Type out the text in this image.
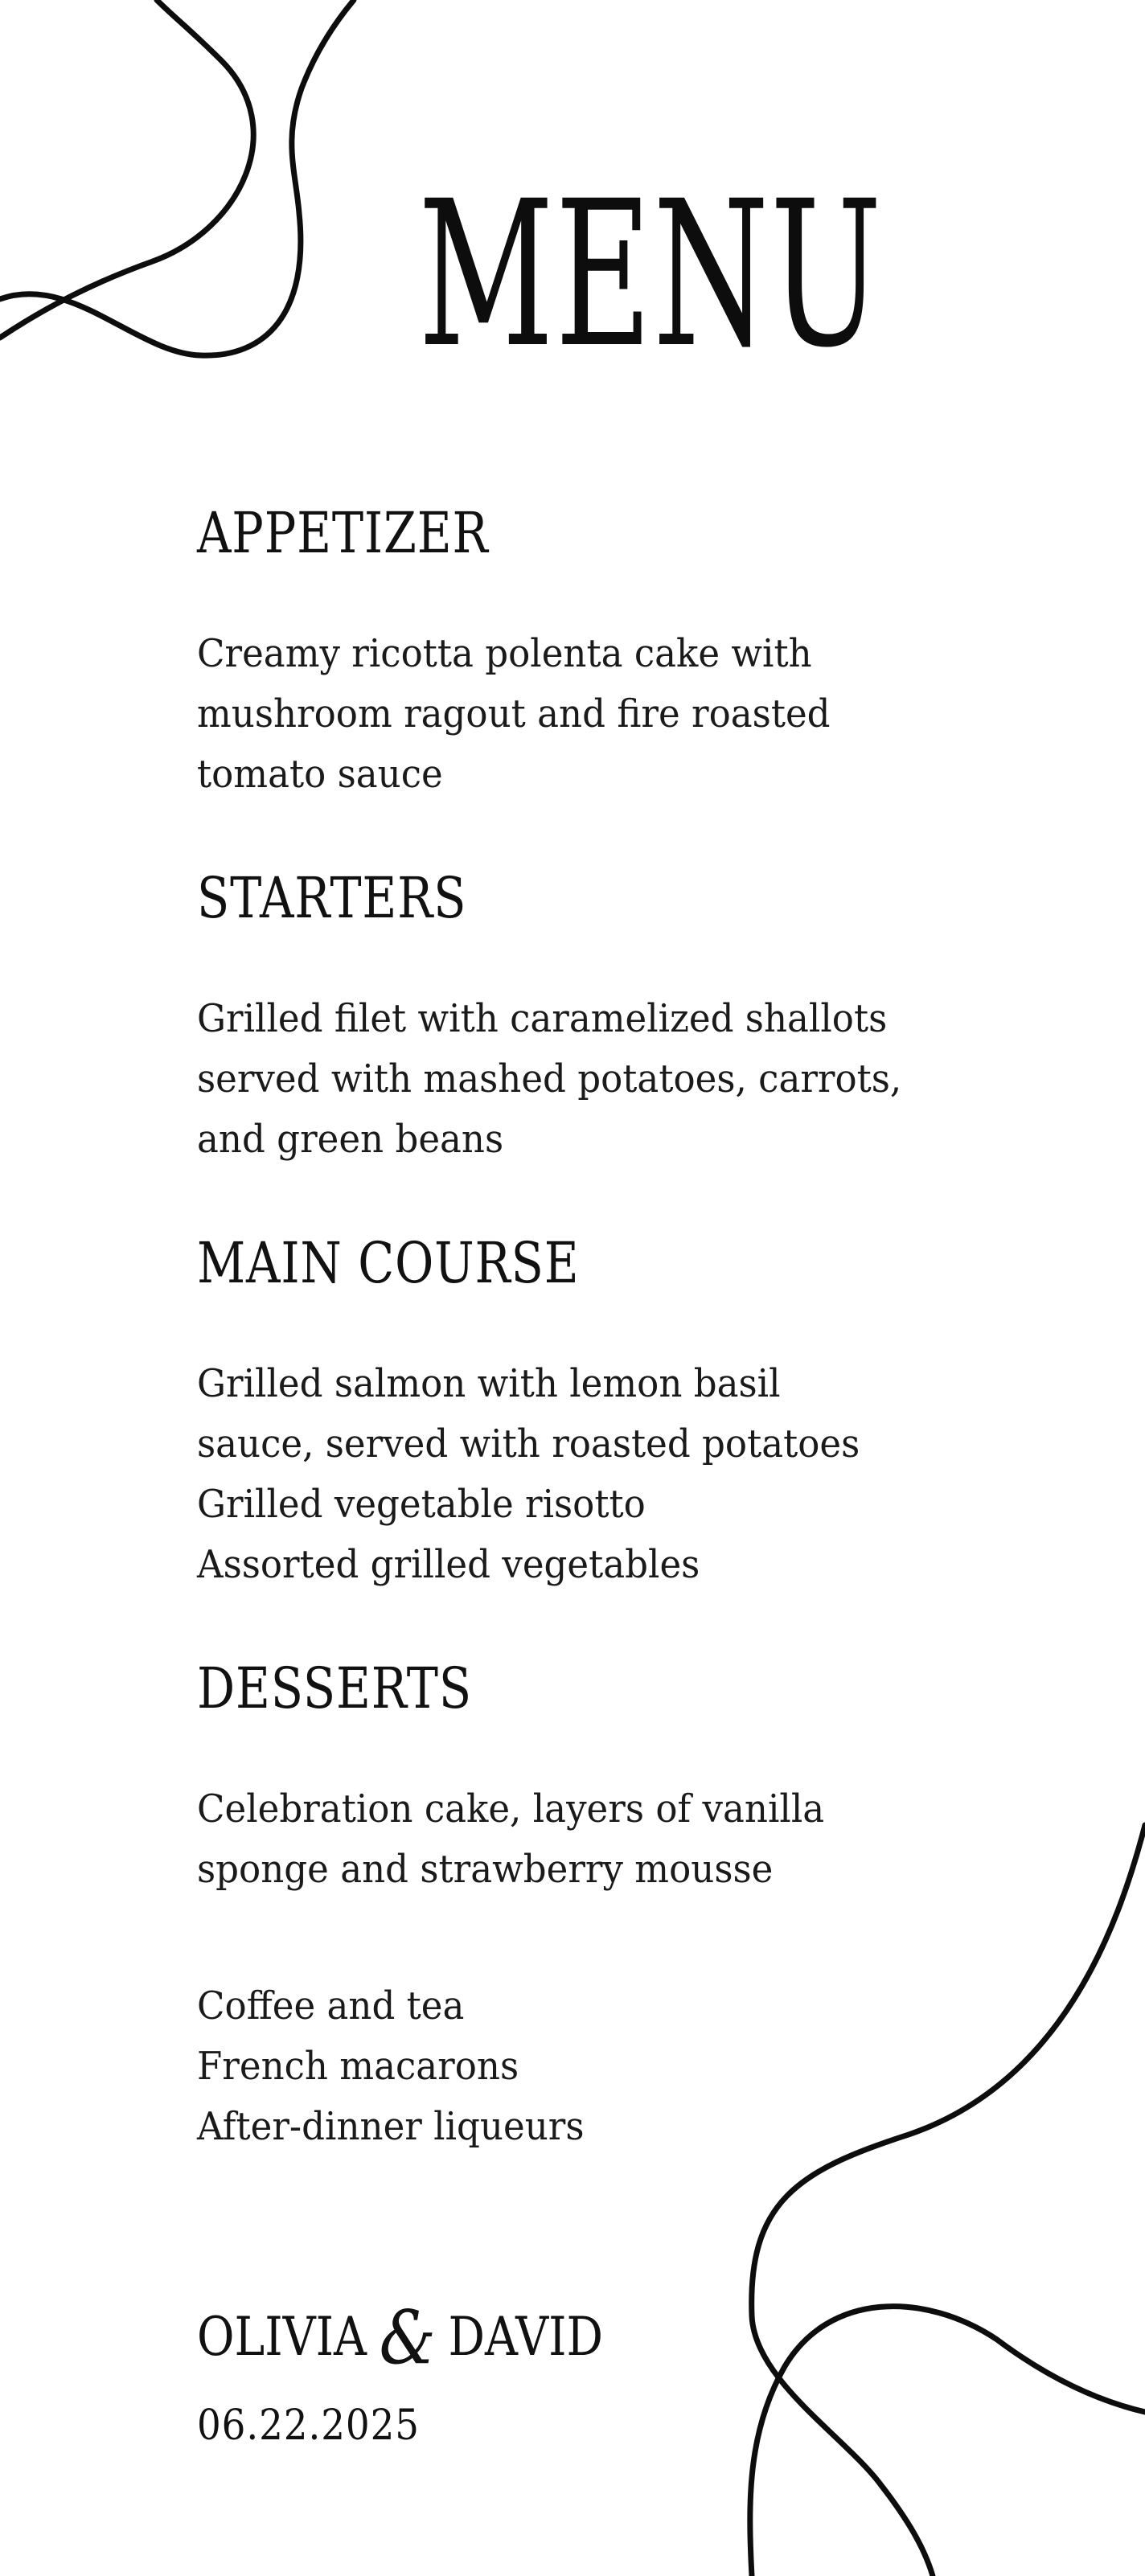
MENU
APPETIZER
Creamy ricotta polenta cake with
mushroom ragout and fire roasted
tomato sauce
STARTERS
Grilled filet with caramelized shallots
served with mashed potatoes, carrots,
and green beans
MAIN COURSE
Grilled salmon with lemon basil
sauce, served with roasted potatoes
Grilled vegetable risotto
Assorted grilled vegetables
DESSERTS
Celebration cake, layers of vanilla
sponge and strawberry mousse
Coffee and tea
French macarons
After-dinner liqueurs
OLIVIA & DAVID
06.22.2025
